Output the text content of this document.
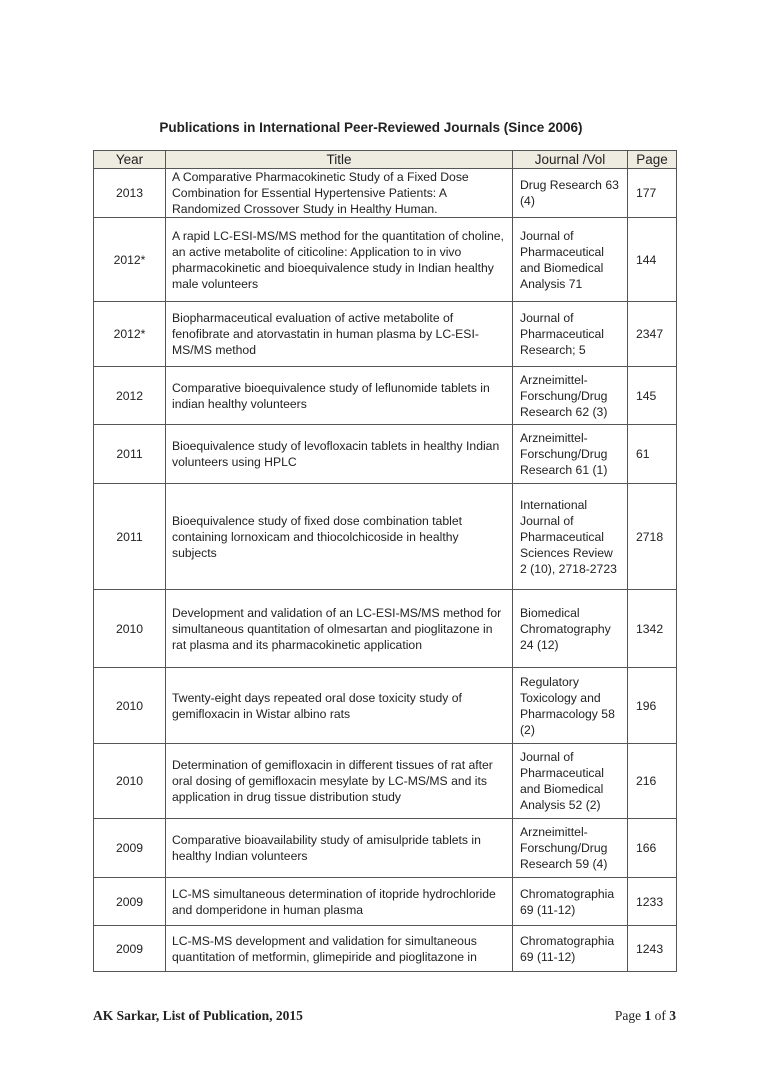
Publications in International Peer-Reviewed Journals (Since 2006)
Year	Title	Journal /Vol	Page
2013	A Comparative Pharmacokinetic Study of a Fixed Dose Combination for Essential Hypertensive Patients: A Randomized Crossover Study in Healthy Human.	Drug Research 63 (4)	177
2012*	A rapid LC-ESI-MS/MS method for the quantitation of choline, an active metabolite of citicoline: Application to in vivo pharmacokinetic and bioequivalence study in Indian healthy male volunteers	Journal of Pharmaceutical and Biomedical Analysis 71	144
2012*	Biopharmaceutical evaluation of active metabolite of fenofibrate and atorvastatin in human plasma by LC-ESI-MS/MS method	Journal of Pharmaceutical Research; 5	2347
2012	Comparative bioequivalence study of leflunomide tablets in indian healthy volunteers	Arzneimittel-Forschung/Drug Research 62 (3)	145
2011	Bioequivalence study of levofloxacin tablets in healthy Indian volunteers using HPLC	Arzneimittel-Forschung/Drug Research 61 (1)	61
2011	Bioequivalence study of fixed dose combination tablet containing lornoxicam and thiocolchicoside in healthy subjects	International Journal of Pharmaceutical Sciences Review 2 (10), 2718-2723	2718
2010	Development and validation of an LC-ESI-MS/MS method for simultaneous quantitation of olmesartan and pioglitazone in rat plasma and its pharmacokinetic application	Biomedical Chromatography 24 (12)	1342
2010	Twenty-eight days repeated oral dose toxicity study of gemifloxacin in Wistar albino rats	Regulatory Toxicology and Pharmacology 58 (2)	196
2010	Determination of gemifloxacin in different tissues of rat after oral dosing of gemifloxacin mesylate by LC-MS/MS and its application in drug tissue distribution study	Journal of Pharmaceutical and Biomedical Analysis 52 (2)	216
2009	Comparative bioavailability study of amisulpride tablets in healthy Indian volunteers	Arzneimittel-Forschung/Drug Research 59 (4)	166
2009	LC-MS simultaneous determination of itopride hydrochloride and domperidone in human plasma	Chromatographia 69 (11-12)	1233
2009	LC-MS-MS development and validation for simultaneous quantitation of metformin, glimepiride and pioglitazone in	Chromatographia 69 (11-12)	1243
AK Sarkar, List of Publication, 2015	Page 1 of 3
